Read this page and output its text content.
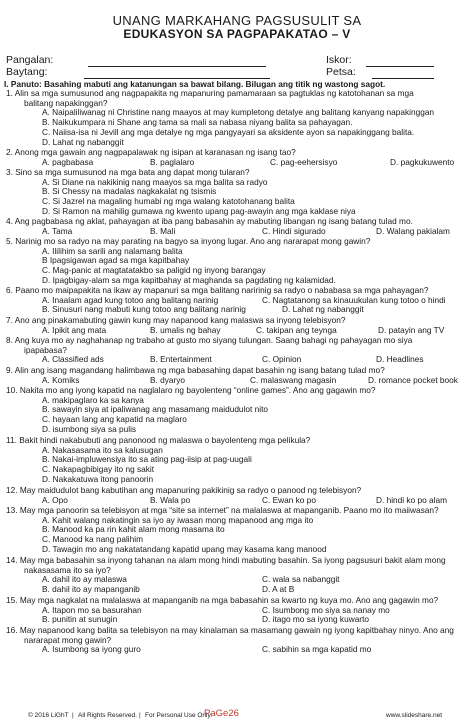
UNANG MARKAHANG PAGSUSULIT SA
EDUKASYON SA PAGPAPAKATAO – V
Pangalan:	Iskor:
Baytang:	Petsa:
I. Panuto: Basahing mabuti ang katanungan sa bawat bilang. Bilugan ang titik ng wastong sagot.
1. Alin sa mga sumusunod ang nagpapakita ng mapanuring pamamaraan sa pagtuklas ng katotohanan sa mga
balitang napakinggan?
A. Naipaliliwanag ni Christine nang maayos at may kumpletong detalye ang balitang kanyang napakinggan
B. Naikukumpara ni Shane ang tama sa mali sa nabasa niyang balita sa pahayagan.
C. Naiisa-isa ni Jevill ang mga detalye ng mga pangyayari sa aksidente ayon sa napakinggang balita.
D. Lahat ng nabanggit
2. Anong mga gawain ang nagpapalawak ng isipan at karanasan ng isang tao?
A. pagbabasa	B. paglalaro	C. pag-eehersisyo	D. pagkukuwento
3. Sino sa mga sumusunod na mga bata ang dapat mong tularan?
A. Si Diane na nakikinig nang maayos sa mga balita sa radyo
B. Si Chessy na madalas nagkakalat ng tsismis
C. Si Jazrel na magaling humabi ng mga walang katotohanang balita
D. Si Ramon na mahilig gumawa ng kwento upang pag-awayin ang mga kaklase niya
4. Ang pagbabasa ng aklat, pahayagan at iba pang babasahin ay mabuting libangan ng isang batang tulad mo.
A. Tama	B. Mali	C. Hindi sigurado	D. Walang pakialam
5. Narinig mo sa radyo na may parating na bagyo sa inyong lugar. Ano ang nararapat mong gawin?
A. Ililihim sa sarili ang nalamang balita
B Ipagsigawan agad sa mga kapitbahay
C. Mag-panic at magtatatakbo sa paligid ng inyong barangay
D. Ipagbigay-alam sa mga kapitbahay at maghanda sa pagdating ng kalamidad.
6. Paano mo maipapakita na ikaw ay mapanuri sa mga balitang naririnig sa radyo o nababasa sa mga pahayagan?
A. Inaalam agad kung totoo ang balitang narinig	C. Nagtatanong sa kinauukulan kung totoo o hindi
B. Sinusuri nang mabuti kung totoo ang balitang narinig	D. Lahat ng nabanggit
7. Ano ang pinakamabuting gawin kung may napanood kang malaswa sa inyong telebisyon?
A. Ipikit ang mata	B. umalis ng bahay	C. takipan ang teynga	D. patayin ang TV
8. Ang kuya mo ay naghahanap ng trabaho at gusto mo siyang tulungan. Saang bahagi ng pahayagan mo siya
ipapabasa?
A. Classified ads	B. Entertainment	C. Opinion	D. Headlines
9. Alin ang isang magandang halimbawa ng mga babasahing dapat basahin ng isang batang tulad mo?
A. Komiks	B. dyaryo	C. malaswang magasin	D. romance pocket book
10. Nakita mo ang iyong kapatid na naglalaro ng bayolenteng “online games”. Ano ang gagawin mo?
A. makipaglaro ka sa kanya
B. sawayin siya at ipaliwanag ang masamang maidudulot nito
C. hayaan lang ang kapatid na maglaro
D. isumbong siya sa pulis
11. Bakit hindi nakabubuti ang panonood ng malaswa o bayolenteng mga pelikula?
A. Nakasasama ito sa kalusugan
B. Nakai-impluwensiya ito sa ating pag-iisip at pag-uugali
C. Nakapagbibigay ito ng sakit
D. Nakakatuwa itong panoorin
12. May maidudulot bang kabutihan ang mapanuring pakikinig sa radyo o panood ng telebisyon?
A. Opo	B. Wala po	C. Ewan ko po	D. hindi ko po alam
13. May mga panoorin sa telebisyon at mga “site sa internet” na malalaswa at mapanganib. Paano mo ito maiiwasan?
A. Kahit walang nakatingin sa iyo ay iwasan mong mapanood ang mga ito
B. Manood ka pa rin kahit alam mong masama ito
C. Manood ka nang palihim
D. Tawagin mo ang nakatatandang kapatid upang may kasama kang manood
14. May mga babasahin sa inyong tahanan na alam mong hindi mabuting basahin. Sa iyong pagsusuri bakit alam mong
nakasasama ito sa iyo?
A. dahil ito ay malaswa	C. wala sa nabanggit
B. dahil ito ay mapanganib	D. A at B
15. May mga nagkalat na malalaswa at mapanganib na mga babasahin sa kwarto ng kuya mo. Ano ang gagawin mo?
A. Itapon mo sa basurahan	C. Isumbong mo siya sa nanay mo
B. punitin at sunugin	D. itago mo sa iyong kuwarto
16. May napanood kang balita sa telebisyon na may kinalaman sa masamang gawain ng iyong kapitbahay ninyo. Ano ang
nararapat mong gawin?
A. Isumbong sa iyong guro	C. sabihin sa mga kapatid mo
© 2016 LiGhT | All Rights Reserved. | For Personal Use Only.
PaGe26	www.slideshare.net
